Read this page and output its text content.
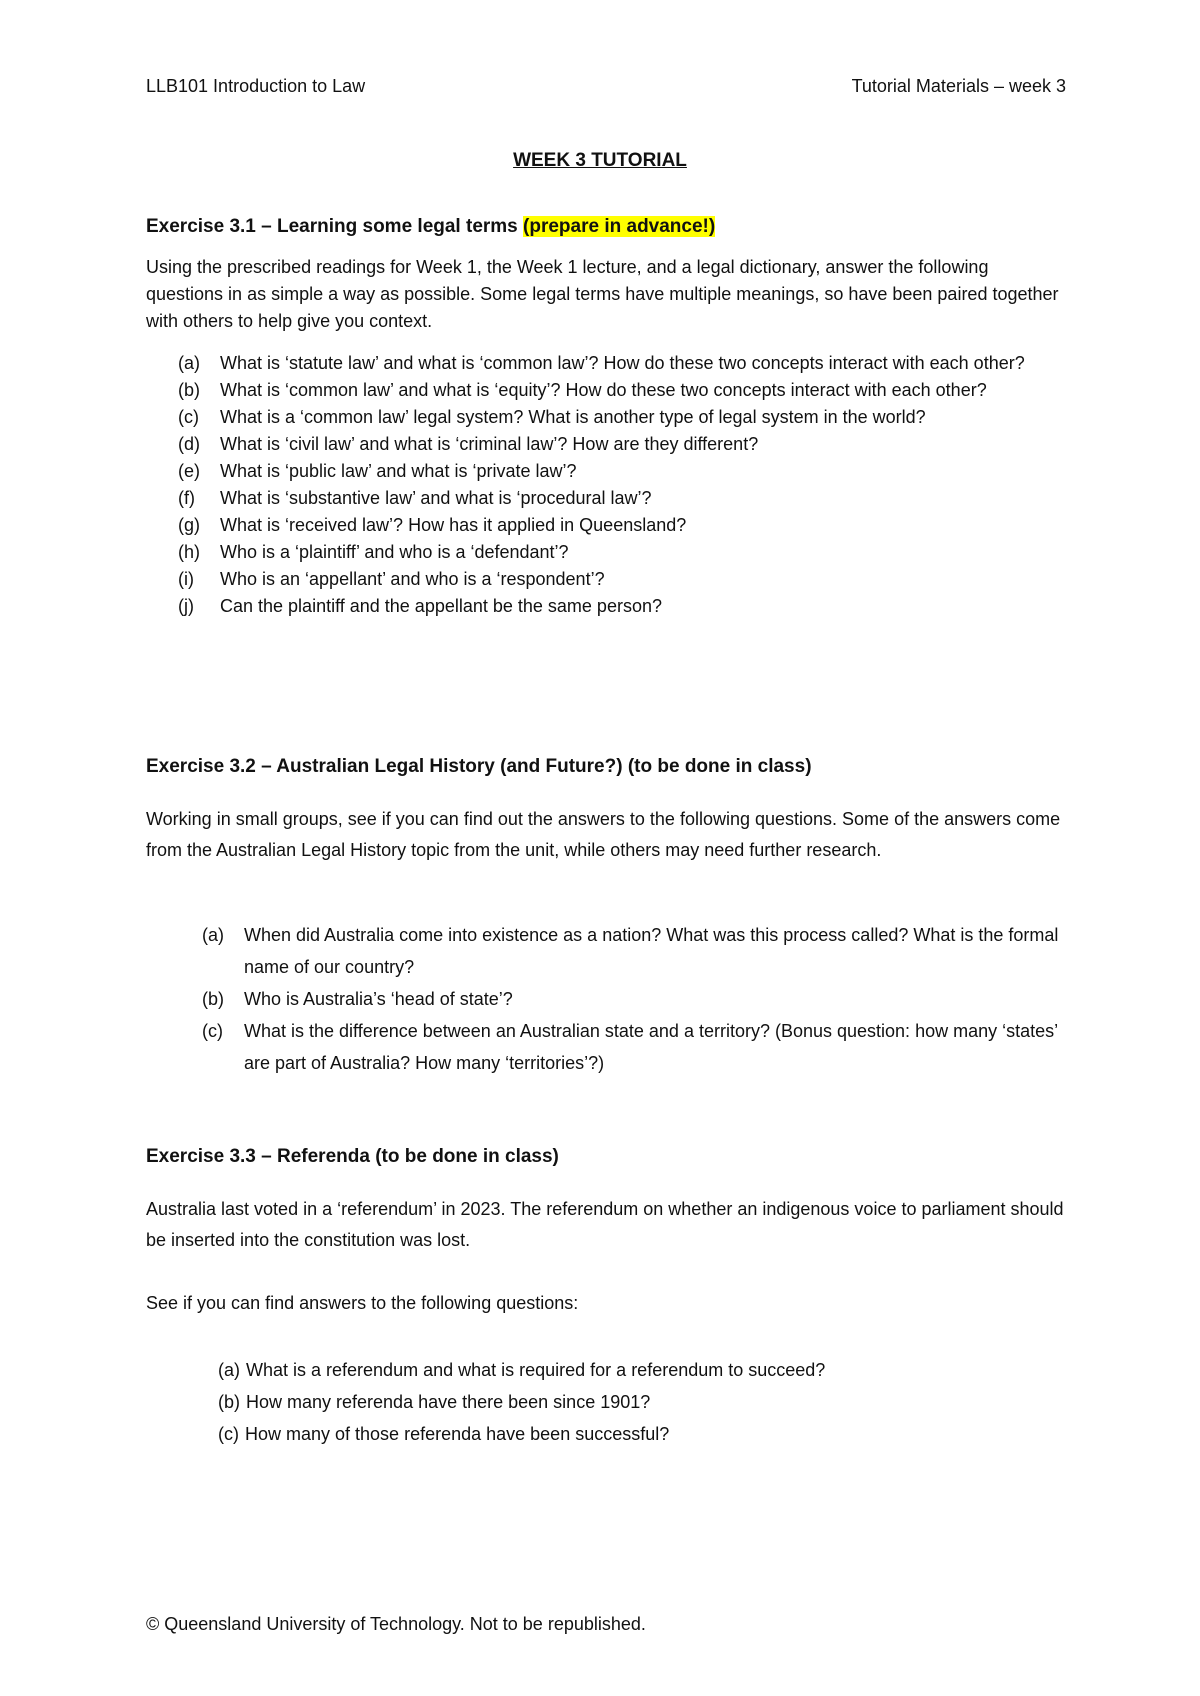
LLB101 Introduction to Law	Tutorial Materials – week 3
WEEK 3 TUTORIAL
Exercise 3.1 – Learning some legal terms (prepare in advance!)
Using the prescribed readings for Week 1, the Week 1 lecture, and a legal dictionary, answer the following questions in as simple a way as possible. Some legal terms have multiple meanings, so have been paired together with others to help give you context.
(a) What is ‘statute law’ and what is ‘common law’? How do these two concepts interact with each other?
(b) What is ‘common law’ and what is ‘equity’? How do these two concepts interact with each other?
(c) What is a ‘common law’ legal system? What is another type of legal system in the world?
(d) What is ‘civil law’ and what is ‘criminal law’? How are they different?
(e) What is ‘public law’ and what is ‘private law’?
(f) What is ‘substantive law’ and what is ‘procedural law’?
(g) What is ‘received law’? How has it applied in Queensland?
(h) Who is a ‘plaintiff’ and who is a ‘defendant’?
(i) Who is an ‘appellant’ and who is a ‘respondent’?
(j) Can the plaintiff and the appellant be the same person?
Exercise 3.2 – Australian Legal History (and Future?) (to be done in class)
Working in small groups, see if you can find out the answers to the following questions. Some of the answers come from the Australian Legal History topic from the unit, while others may need further research.
(a) When did Australia come into existence as a nation? What was this process called? What is the formal name of our country?
(b) Who is Australia’s ‘head of state’?
(c) What is the difference between an Australian state and a territory? (Bonus question: how many ‘states’ are part of Australia? How many ‘territories’?)
Exercise 3.3 – Referenda (to be done in class)
Australia last voted in a ‘referendum’ in 2023. The referendum on whether an indigenous voice to parliament should be inserted into the constitution was lost.
See if you can find answers to the following questions:
(a) What is a referendum and what is required for a referendum to succeed?
(b) How many referenda have there been since 1901?
(c) How many of those referenda have been successful?
© Queensland University of Technology. Not to be republished.
